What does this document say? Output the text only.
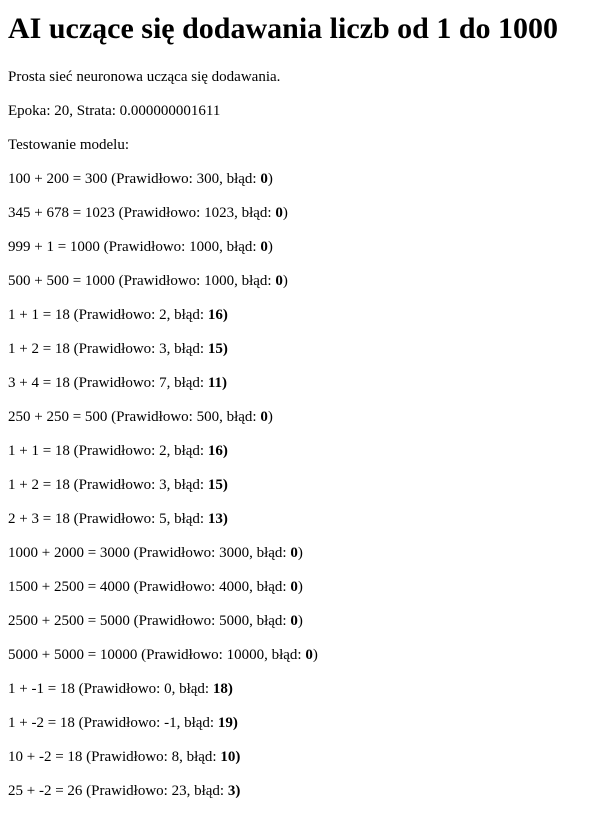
AI uczące się dodawania liczb od 1 do 1000

Prosta sieć neuronowa ucząca się dodawania.

Epoka: 20, Strata: 0.000000001611

Testowanie modelu:

100 + 200 = 300 (Prawidłowo: 300, błąd: 0)

345 + 678 = 1023 (Prawidłowo: 1023, błąd: 0)

999 + 1 = 1000 (Prawidłowo: 1000, błąd: 0)

500 + 500 = 1000 (Prawidłowo: 1000, błąd: 0)

1 + 1 = 18 (Prawidłowo: 2, błąd: 16)

1 + 2 = 18 (Prawidłowo: 3, błąd: 15)

3 + 4 = 18 (Prawidłowo: 7, błąd: 11)

250 + 250 = 500 (Prawidłowo: 500, błąd: 0)

1 + 1 = 18 (Prawidłowo: 2, błąd: 16)

1 + 2 = 18 (Prawidłowo: 3, błąd: 15)

2 + 3 = 18 (Prawidłowo: 5, błąd: 13)

1000 + 2000 = 3000 (Prawidłowo: 3000, błąd: 0)

1500 + 2500 = 4000 (Prawidłowo: 4000, błąd: 0)

2500 + 2500 = 5000 (Prawidłowo: 5000, błąd: 0)

5000 + 5000 = 10000 (Prawidłowo: 10000, błąd: 0)

1 + -1 = 18 (Prawidłowo: 0, błąd: 18)

1 + -2 = 18 (Prawidłowo: -1, błąd: 19)

10 + -2 = 18 (Prawidłowo: 8, błąd: 10)

25 + -2 = 26 (Prawidłowo: 23, błąd: 3)
